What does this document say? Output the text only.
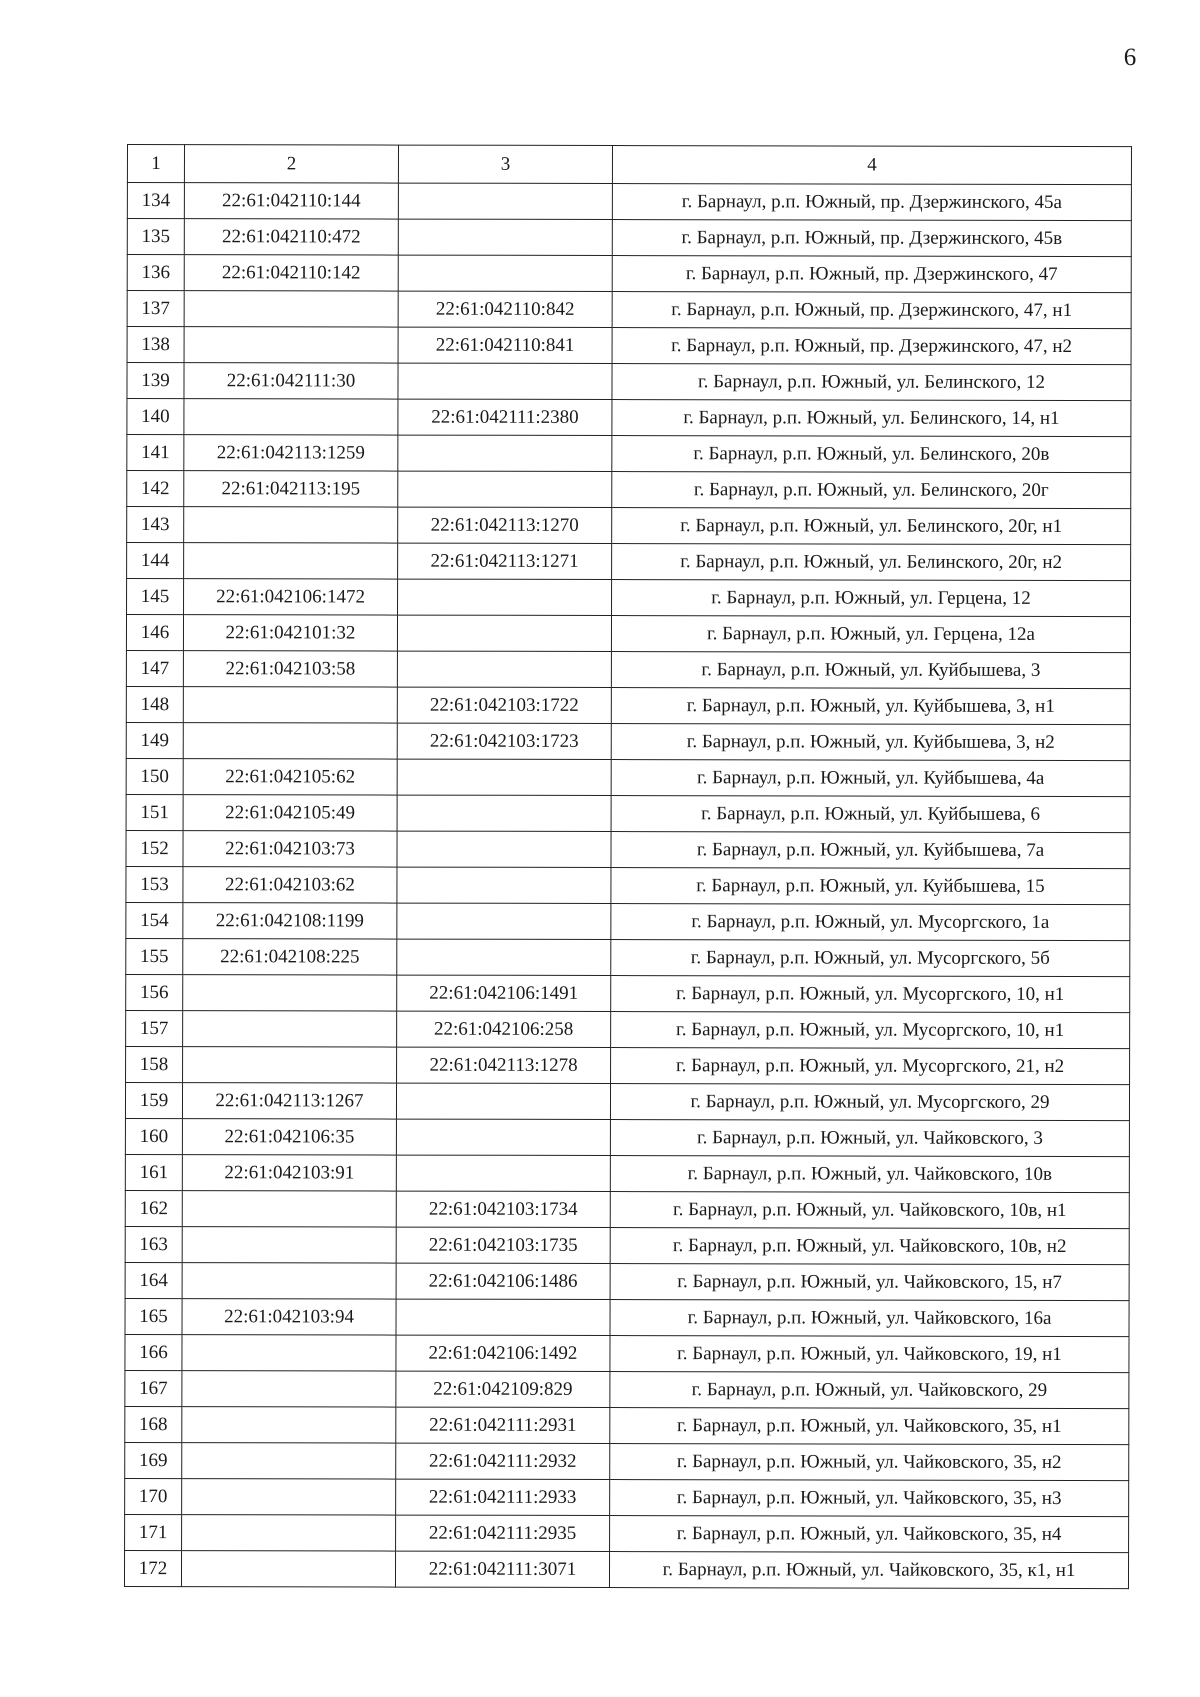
6
1	2	3	4
134	22:61:042110:144		г. Барнаул, р.п. Южный, пр. Дзержинского, 45а
135	22:61:042110:472		г. Барнаул, р.п. Южный, пр. Дзержинского, 45в
136	22:61:042110:142		г. Барнаул, р.п. Южный, пр. Дзержинского, 47
137		22:61:042110:842	г. Барнаул, р.п. Южный, пр. Дзержинского, 47, н1
138		22:61:042110:841	г. Барнаул, р.п. Южный, пр. Дзержинского, 47, н2
139	22:61:042111:30		г. Барнаул, р.п. Южный, ул. Белинского, 12
140		22:61:042111:2380	г. Барнаул, р.п. Южный, ул. Белинского, 14, н1
141	22:61:042113:1259		г. Барнаул, р.п. Южный, ул. Белинского, 20в
142	22:61:042113:195		г. Барнаул, р.п. Южный, ул. Белинского, 20г
143		22:61:042113:1270	г. Барнаул, р.п. Южный, ул. Белинского, 20г, н1
144		22:61:042113:1271	г. Барнаул, р.п. Южный, ул. Белинского, 20г, н2
145	22:61:042106:1472		г. Барнаул, р.п. Южный, ул. Герцена, 12
146	22:61:042101:32		г. Барнаул, р.п. Южный, ул. Герцена, 12а
147	22:61:042103:58		г. Барнаул, р.п. Южный, ул. Куйбышева, 3
148		22:61:042103:1722	г. Барнаул, р.п. Южный, ул. Куйбышева, 3, н1
149		22:61:042103:1723	г. Барнаул, р.п. Южный, ул. Куйбышева, 3, н2
150	22:61:042105:62		г. Барнаул, р.п. Южный, ул. Куйбышева, 4а
151	22:61:042105:49		г. Барнаул, р.п. Южный, ул. Куйбышева, 6
152	22:61:042103:73		г. Барнаул, р.п. Южный, ул. Куйбышева, 7а
153	22:61:042103:62		г. Барнаул, р.п. Южный, ул. Куйбышева, 15
154	22:61:042108:1199		г. Барнаул, р.п. Южный, ул. Мусоргского, 1а
155	22:61:042108:225		г. Барнаул, р.п. Южный, ул. Мусоргского, 5б
156		22:61:042106:1491	г. Барнаул, р.п. Южный, ул. Мусоргского, 10, н1
157		22:61:042106:258	г. Барнаул, р.п. Южный, ул. Мусоргского, 10, н1
158		22:61:042113:1278	г. Барнаул, р.п. Южный, ул. Мусоргского, 21, н2
159	22:61:042113:1267		г. Барнаул, р.п. Южный, ул. Мусоргского, 29
160	22:61:042106:35		г. Барнаул, р.п. Южный, ул. Чайковского, 3
161	22:61:042103:91		г. Барнаул, р.п. Южный, ул. Чайковского, 10в
162		22:61:042103:1734	г. Барнаул, р.п. Южный, ул. Чайковского, 10в, н1
163		22:61:042103:1735	г. Барнаул, р.п. Южный, ул. Чайковского, 10в, н2
164		22:61:042106:1486	г. Барнаул, р.п. Южный, ул. Чайковского, 15, н7
165	22:61:042103:94		г. Барнаул, р.п. Южный, ул. Чайковского, 16а
166		22:61:042106:1492	г. Барнаул, р.п. Южный, ул. Чайковского, 19, н1
167		22:61:042109:829	г. Барнаул, р.п. Южный, ул. Чайковского, 29
168		22:61:042111:2931	г. Барнаул, р.п. Южный, ул. Чайковского, 35, н1
169		22:61:042111:2932	г. Барнаул, р.п. Южный, ул. Чайковского, 35, н2
170		22:61:042111:2933	г. Барнаул, р.п. Южный, ул. Чайковского, 35, н3
171		22:61:042111:2935	г. Барнаул, р.п. Южный, ул. Чайковского, 35, н4
172		22:61:042111:3071	г. Барнаул, р.п. Южный, ул. Чайковского, 35, к1, н1
